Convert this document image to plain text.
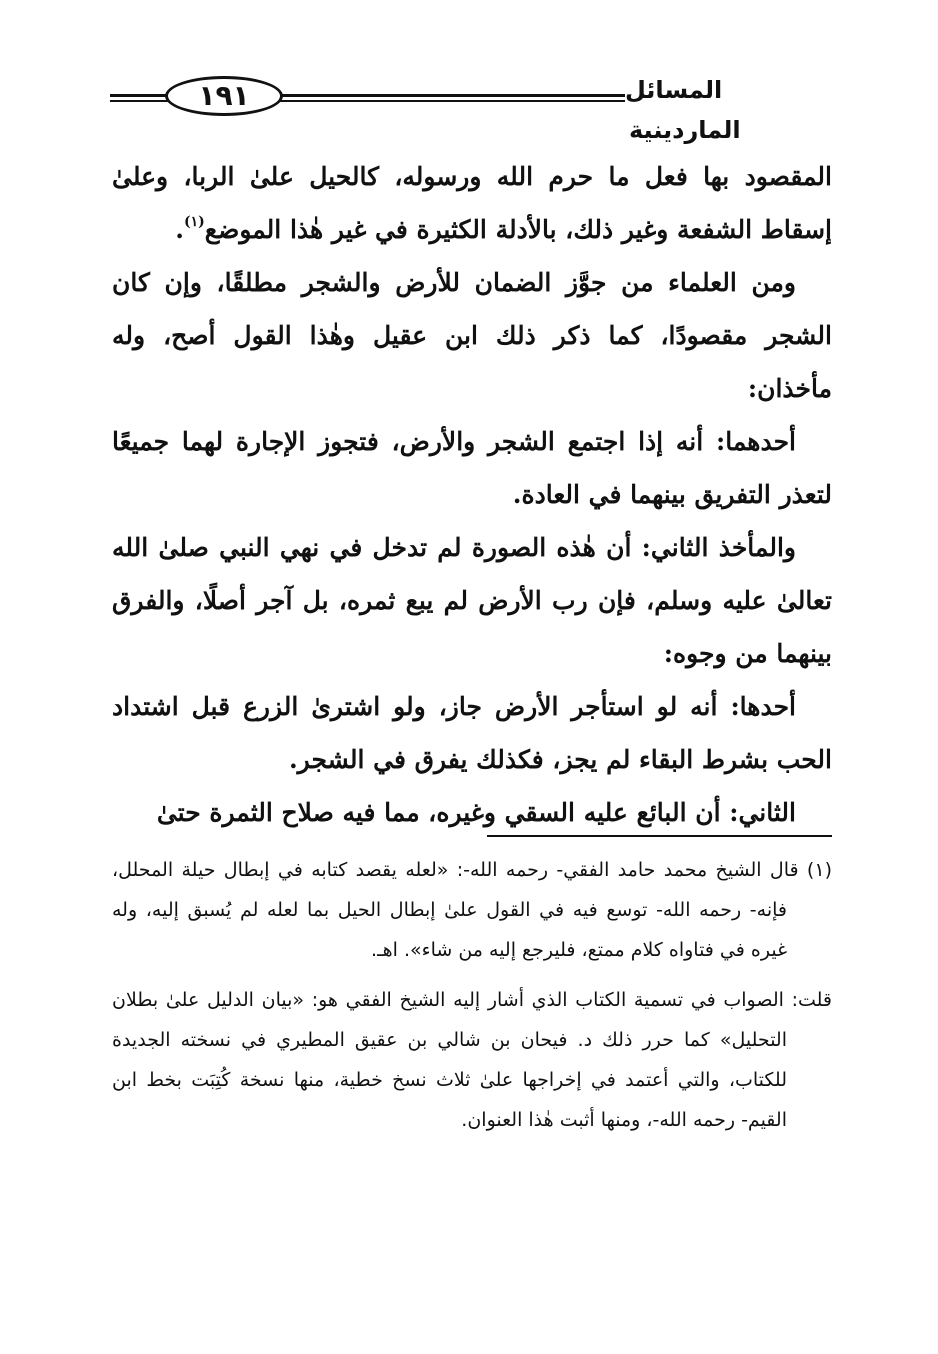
١٩١	المسائل الماردينية

المقصود بها فعل ما حرم الله ورسوله، كالحيل علىٰ الربا، وعلىٰ إسقاط الشفعة وغير ذلك، بالأدلة الكثيرة في غير هٰذا الموضع$^{(١)}$.

ومن العلماء من جوَّز الضمان للأرض والشجر مطلقًا، وإن كان الشجر مقصودًا، كما ذكر ذلك ابن عقيل وهٰذا القول أصح، وله مأخذان:

أحدهما: أنه إذا اجتمع الشجر والأرض، فتجوز الإجارة لهما جميعًا لتعذر التفريق بينهما في العادة.

والمأخذ الثاني: أن هٰذه الصورة لم تدخل في نهي النبي صلىٰ الله تعالىٰ عليه وسلم، فإن رب الأرض لم يبع ثمره، بل آجر أصلًا، والفرق بينهما من وجوه:

أحدها: أنه لو استأجر الأرض جاز، ولو اشترىٰ الزرع قبل اشتداد الحب بشرط البقاء لم يجز، فكذلك يفرق في الشجر.

الثاني: أن البائع عليه السقي وغيره، مما فيه صلاح الثمرة حتىٰ

(١) قال الشيخ محمد حامد الفقي- رحمه الله-: «لعله يقصد كتابه في إبطال حيلة المحلل، فإنه- رحمه الله- توسع فيه في القول علىٰ إبطال الحيل بما لعله لم يُسبق إليه، وله غيره في فتاواه كلام ممتع، فليرجع إليه من شاء». اهـ.

قلت: الصواب في تسمية الكتاب الذي أشار إليه الشيخ الفقي هو: «بيان الدليل علىٰ بطلان التحليل» كما حرر ذلك د. فيحان بن شالي بن عقيق المطيري في نسخته الجديدة للكتاب، والتي أعتمد في إخراجها علىٰ ثلاث نسخ خطية، منها نسخة كُتِبَت بخط ابن القيم- رحمه الله-، ومنها أثبت هٰذا العنوان.
